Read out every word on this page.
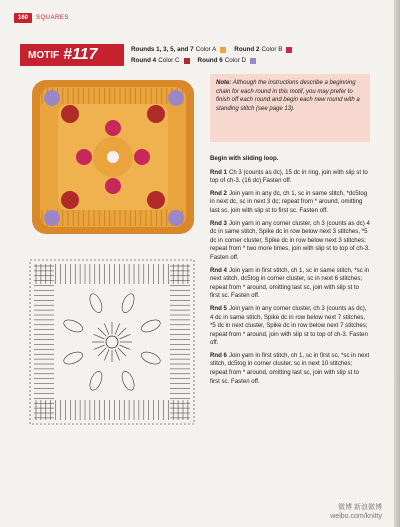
160	SQUARES
MOTIF #117	Rounds 1, 3, 5, and 7 Color A	Round 2 Color B
Round 4 Color C	Round 6 Color D
Note: Although the instructions describe a beginning chain for each round in this motif, you may prefer to finish off each round and begin each new round with a standing stitch (see page 13).
Begin with sliding loop.
Rnd 1 Ch 3 (counts as dc), 15 dc in ring, join with slip st to top of ch-3. (16 dc) Fasten off.
Rnd 2 Join yarn in any dc, ch 1, sc in same stitch, *dc5tog in next dc, sc in next 3 dc; repeat from * around, omitting last sc, join with slip st to first sc. Fasten off.
Rnd 3 Join yarn in any corner cluster, ch 3 (counts as dc) 4 dc in same stitch, Spike dc in row below next 3 stitches, *5 dc in corner cluster, Spike dc in row below next 3 stitches; repeat from * two more times, join with slip st to top of ch-3. Fasten off.
Rnd 4 Join yarn in first stitch, ch 1, sc in same stitch, *sc in next stitch, dc5tog in corner cluster, sc in next 6 stitches; repeat from * around, omitting last sc, join with slip st to first sc. Fasten off.
Rnd 5 Join yarn in any corner cluster, ch 3 (counts as dc), 4 dc in same stitch, Spike dc in row below next 7 stitches, *5 dc in next cluster, Spike dc in row below next 7 stitches; repeat from * around, join with slip st to top of ch-3. Fasten off.
Rnd 6 Join yarn in first stitch, ch 1, sc in first sc, *sc in next stitch, dc5tog in corner cluster, sc in next 10 stitches; repeat from * around, omitting last sc, join with slip st to first sc. Fasten off.
微博 新浪微博
weibo.com/knitty
